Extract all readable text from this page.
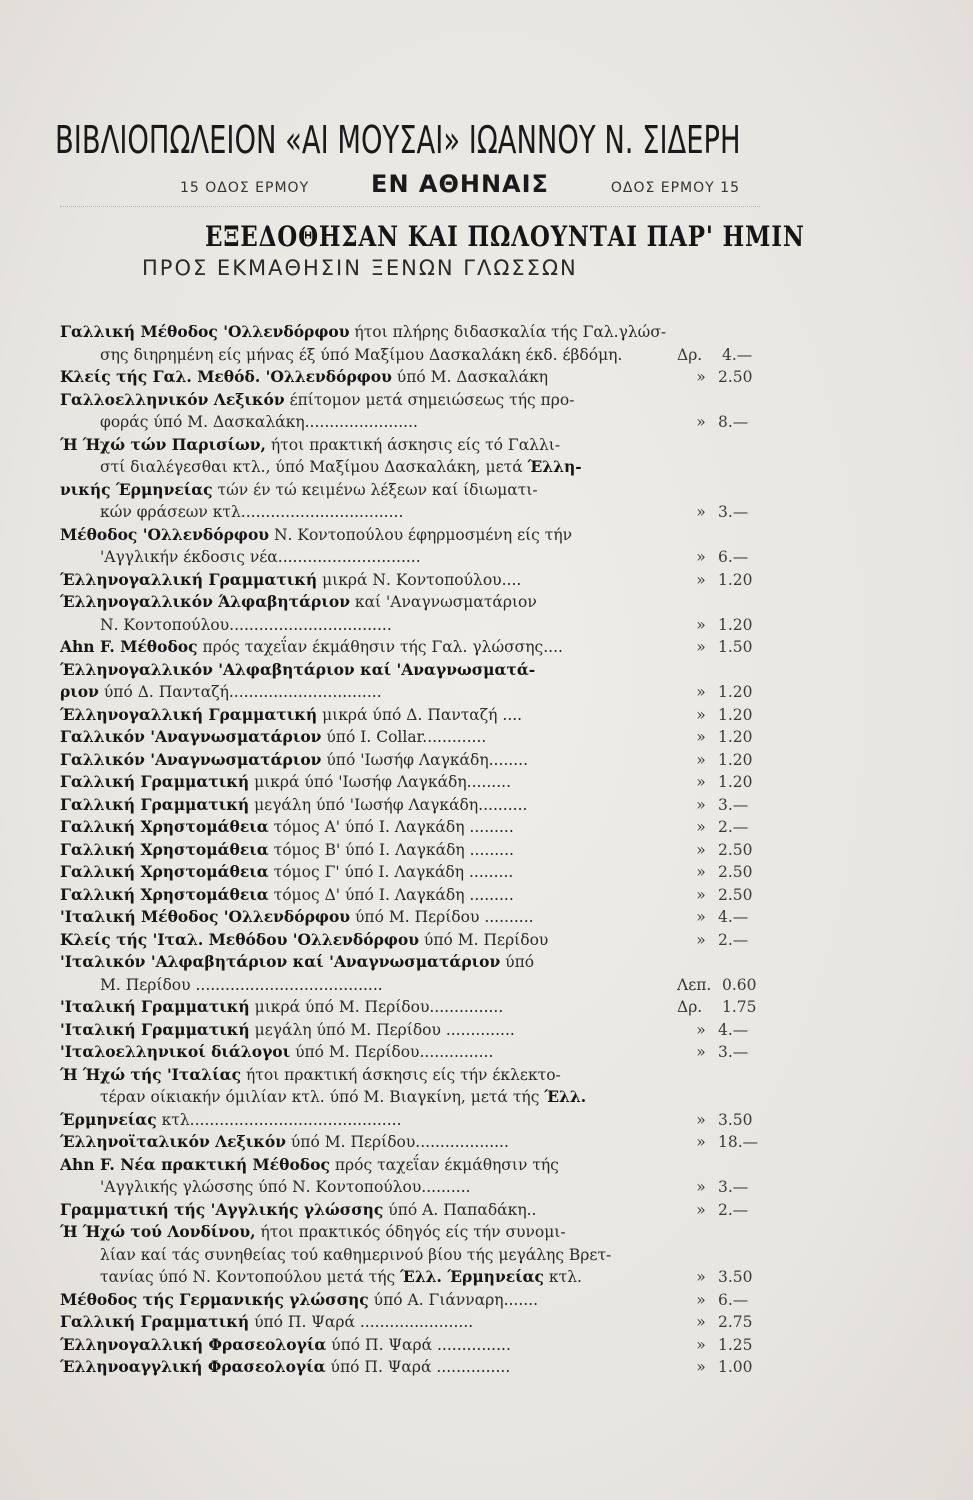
ΒΙΒΛΙΟΠΩΛΕΙΟΝ «ΑΙ ΜΟΥΣΑΙ» ΙΩΑΝΝΟΥ Ν. ΣΙΔΕΡΗ
15 ΟΔΟΣ ΕΡΜΟΥ	ΕΝ ΑΘΗΝΑΙΣ	ΟΔΟΣ ΕΡΜΟΥ 15
ΕΞΕΔΟΘΗΣΑΝ ΚΑΙ ΠΩΛΟΥΝΤΑΙ ΠΑΡ' ΗΜΙΝ
ΠΡΟΣ ΕΚΜΑΘΗΣΙΝ ΞΕΝΩΝ ΓΛΩΣΣΩΝ
Γαλλική Μέθοδος 'Ολλενδόρφου ήτοι πλήρης διδασκαλία τής Γαλ.γλώσ-
σης διηρημένη είς μήνας έξ ύπό Μαξίμου Δασκαλάκη έκδ. έβδόμη.	Δρ. 4.—
Κλείς τής Γαλ. Μεθόδ. 'Ολλενδόρφου ύπό Μ. Δασκαλάκη	» 2.50
Γαλλοελληνικόν Λεξικόν έπίτομον μετά σημειώσεως τής προ-
φοράς ύπό Μ. Δασκαλάκη.......................	» 8.—
Ή Ήχώ τών Παρισίων, ήτοι πρακτική άσκησις είς τό Γαλλι-
στί διαλέγεσθαι κτλ., ύπό Μαξίμου Δασκαλάκη, μετά Έλλη-
νικής Έρμηνείας τών έν τώ κειμένω λέξεων καί ίδιωματι-
κών φράσεων κτλ.................................	» 3.—
Μέθοδος 'Ολλενδόρφου Ν. Κοντοπούλου έφηρμοσμένη είς τήν
'Αγγλικήν έκδοσις νέα.............................	» 6.—
Έλληνογαλλική Γραμματική μικρά Ν. Κοντοπούλου....	» 1.20
Έλληνογαλλικόν Άλφαβητάριον καί 'Αναγνωσματάριον
Ν. Κοντοπούλου.................................	» 1.20
Ahn F. Μέθοδος πρός ταχεΐαν έκμάθησιν τής Γαλ. γλώσσης....	» 1.50
Έλληνογαλλικόν 'Αλφαβητάριον καί 'Αναγνωσματά-
ριον ύπό Δ. Πανταζή...............................	» 1.20
Έλληνογαλλική Γραμματική μικρά ύπό Δ. Πανταζή ....	» 1.20
Γαλλικόν 'Αναγνωσματάριον ύπό Ι. Collar.............	» 1.20
Γαλλικόν 'Αναγνωσματάριον ύπό 'Ιωσήφ Λαγκάδη........	» 1.20
Γαλλική Γραμματική μικρά ύπό 'Ιωσήφ Λαγκάδη.........	» 1.20
Γαλλική Γραμματική μεγάλη ύπό 'Ιωσήφ Λαγκάδη..........	» 3.—
Γαλλική Χρηστομάθεια τόμος Α' ύπό Ι. Λαγκάδη .........	» 2.—
Γαλλική Χρηστομάθεια τόμος Β' ύπό Ι. Λαγκάδη .........	» 2.50
Γαλλική Χρηστομάθεια τόμος Γ' ύπό Ι. Λαγκάδη .........	» 2.50
Γαλλική Χρηστομάθεια τόμος Δ' ύπό Ι. Λαγκάδη .........	» 2.50
'Ιταλική Μέθοδος 'Ολλενδόρφου ύπό Μ. Περίδου ..........	» 4.—
Κλείς τής 'Ιταλ. Μεθόδου 'Ολλενδόρφου ύπό Μ. Περίδου	» 2.—
'Ιταλικόν 'Αλφαβητάριον καί 'Αναγνωσματάριον ύπό
Μ. Περίδου ......................................	Λεπ. 0.60
'Ιταλική Γραμματική μικρά ύπό Μ. Περίδου...............	Δρ. 1.75
'Ιταλική Γραμματική μεγάλη ύπό Μ. Περίδου ..............	» 4.—
'Ιταλοελληνικοί διάλογοι ύπό Μ. Περίδου...............	» 3.—
Ή Ήχώ τής 'Ιταλίας ήτοι πρακτική άσκησις είς τήν έκλεκτο-
τέραν οίκιακήν όμιλίαν κτλ. ύπό Μ. Βιαγκίνη, μετά τής Έλλ.
Έρμηνείας κτλ...........................................	» 3.50
Έλληνοϊταλικόν Λεξικόν ύπό Μ. Περίδου...................	» 18.—
Ahn F. Νέα πρακτική Μέθοδος πρός ταχεΐαν έκμάθησιν τής
'Αγγλικής γλώσσης ύπό Ν. Κοντοπούλου..........	» 3.—
Γραμματική τής 'Αγγλικής γλώσσης ύπό Α. Παπαδάκη..	» 2.—
Ή Ήχώ τού Λονδίνου, ήτοι πρακτικός όδηγός είς τήν συνομι-
λίαν καί τάς συνηθείας τού καθημερινού βίου τής μεγάλης Βρετ-
τανίας ύπό Ν. Κοντοπούλου μετά τής Έλλ. Έρμηνείας κτλ.	» 3.50
Μέθοδος τής Γερμανικής γλώσσης ύπό Α. Γιάνναρη.......	» 6.—
Γαλλική Γραμματική ύπό Π. Ψαρά .......................	» 2.75
Έλληνογαλλική Φρασεολογία ύπό Π. Ψαρά ...............	» 1.25
Έλληνοαγγλική Φρασεολογία ύπό Π. Ψαρά ...............	» 1.00
